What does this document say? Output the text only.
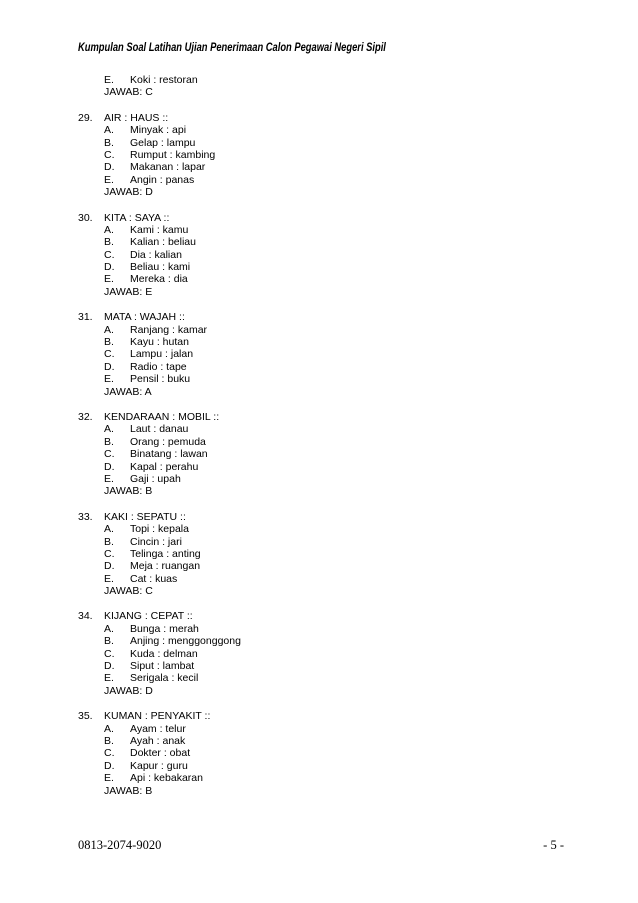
Kumpulan Soal Latihan Ujian Penerimaan Calon Pegawai Negeri Sipil
E. Koki : restoran
JAWAB: C
29. AIR : HAUS ::
A. Minyak : api
B. Gelap : lampu
C. Rumput : kambing
D. Makanan : lapar
E. Angin : panas
JAWAB: D
30. KITA : SAYA ::
A. Kami : kamu
B. Kalian : beliau
C. Dia : kalian
D. Beliau : kami
E. Mereka : dia
JAWAB: E
31. MATA : WAJAH ::
A. Ranjang : kamar
B. Kayu : hutan
C. Lampu : jalan
D. Radio : tape
E. Pensil : buku
JAWAB: A
32. KENDARAAN : MOBIL ::
A. Laut : danau
B. Orang : pemuda
C. Binatang : lawan
D. Kapal : perahu
E. Gaji : upah
JAWAB: B
33. KAKI : SEPATU ::
A. Topi : kepala
B. Cincin : jari
C. Telinga : anting
D. Meja : ruangan
E. Cat : kuas
JAWAB: C
34. KIJANG : CEPAT ::
A. Bunga : merah
B. Anjing : menggonggong
C. Kuda : delman
D. Siput : lambat
E. Serigala : kecil
JAWAB: D
35. KUMAN : PENYAKIT ::
A. Ayam : telur
B. Ayah : anak
C. Dokter : obat
D. Kapur : guru
E. Api : kebakaran
JAWAB: B
0813-2074-9020	- 5 -
